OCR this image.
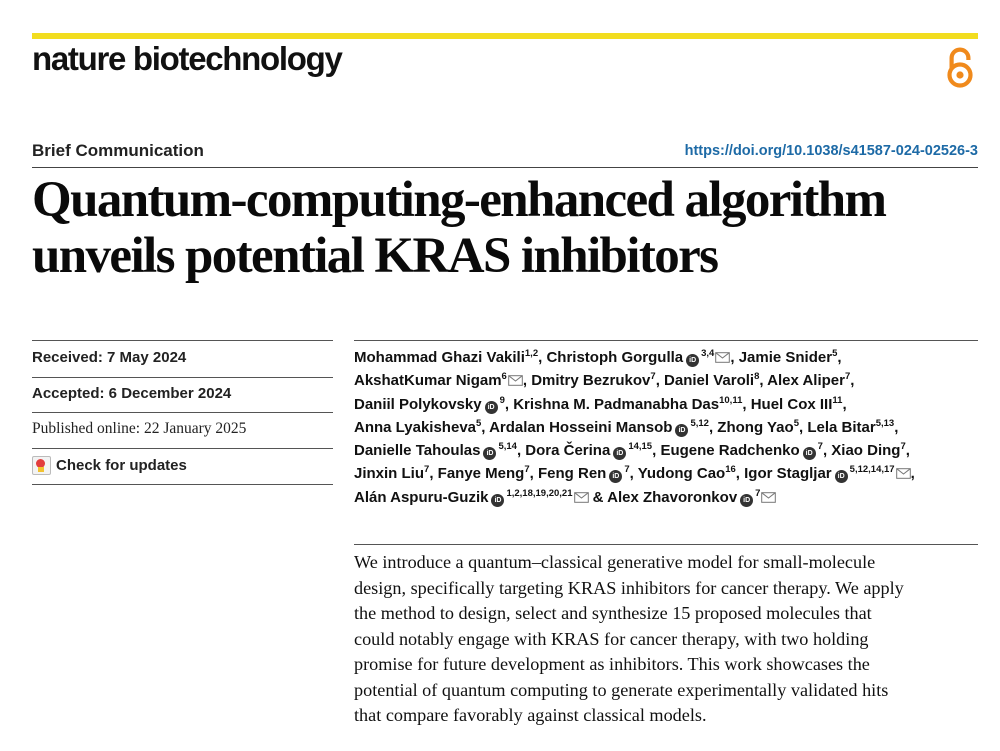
nature biotechnology
Brief Communication	https://doi.org/10.1038/s41587-024-02526-3
Quantum-computing-enhanced algorithm
unveils potential KRAS inhibitors
Received: 7 May 2024
Accepted: 6 December 2024
Published online: 22 January 2025
Check for updates
Mohammad Ghazi Vakili$^{1,2}$, Christoph Gorgulla iD$^{3,4}$ , Jamie Snider$^5$,
AkshatKumar Nigam$^6$ , Dmitry Bezrukov$^7$, Daniel Varoli$^8$, Alex Aliper$^7$,
Daniil Polykovsky $iD^9$, Krishna M. Padmanabha Das$^{10,11}$, Huel Cox III$^{11}$,
Anna Lyakisheva$^5$, Ardalan Hosseini Mansob iD$^{5,12}$, Zhong Yao$^5$, Lela Bitar$^{5,13}$,
Danielle Tahoulas iD$^{5,14}$, Dora Čerina iD$^{14,15}$, Eugene Radchenko $iD^7$, Xiao Ding$^7$,
Jinxin Liu$^7$, Fanye Meng$^7$, Feng Ren $iD^7$, Yudong Cao$^{16}$, Igor Stagljar iD$^{5,12,14,17}$ ,
Alán Aspuru-Guzik iD$^{1,2,18,19,20,21}$ & Alex Zhavoronkov $iD^7$
We introduce a quantum–classical generative model for small-molecule
design, specifically targeting KRAS inhibitors for cancer therapy. We apply
the method to design, select and synthesize 15 proposed molecules that
could notably engage with KRAS for cancer therapy, with two holding
promise for future development as inhibitors. This work showcases the
potential of quantum computing to generate experimentally validated hits
that compare favorably against classical models.
